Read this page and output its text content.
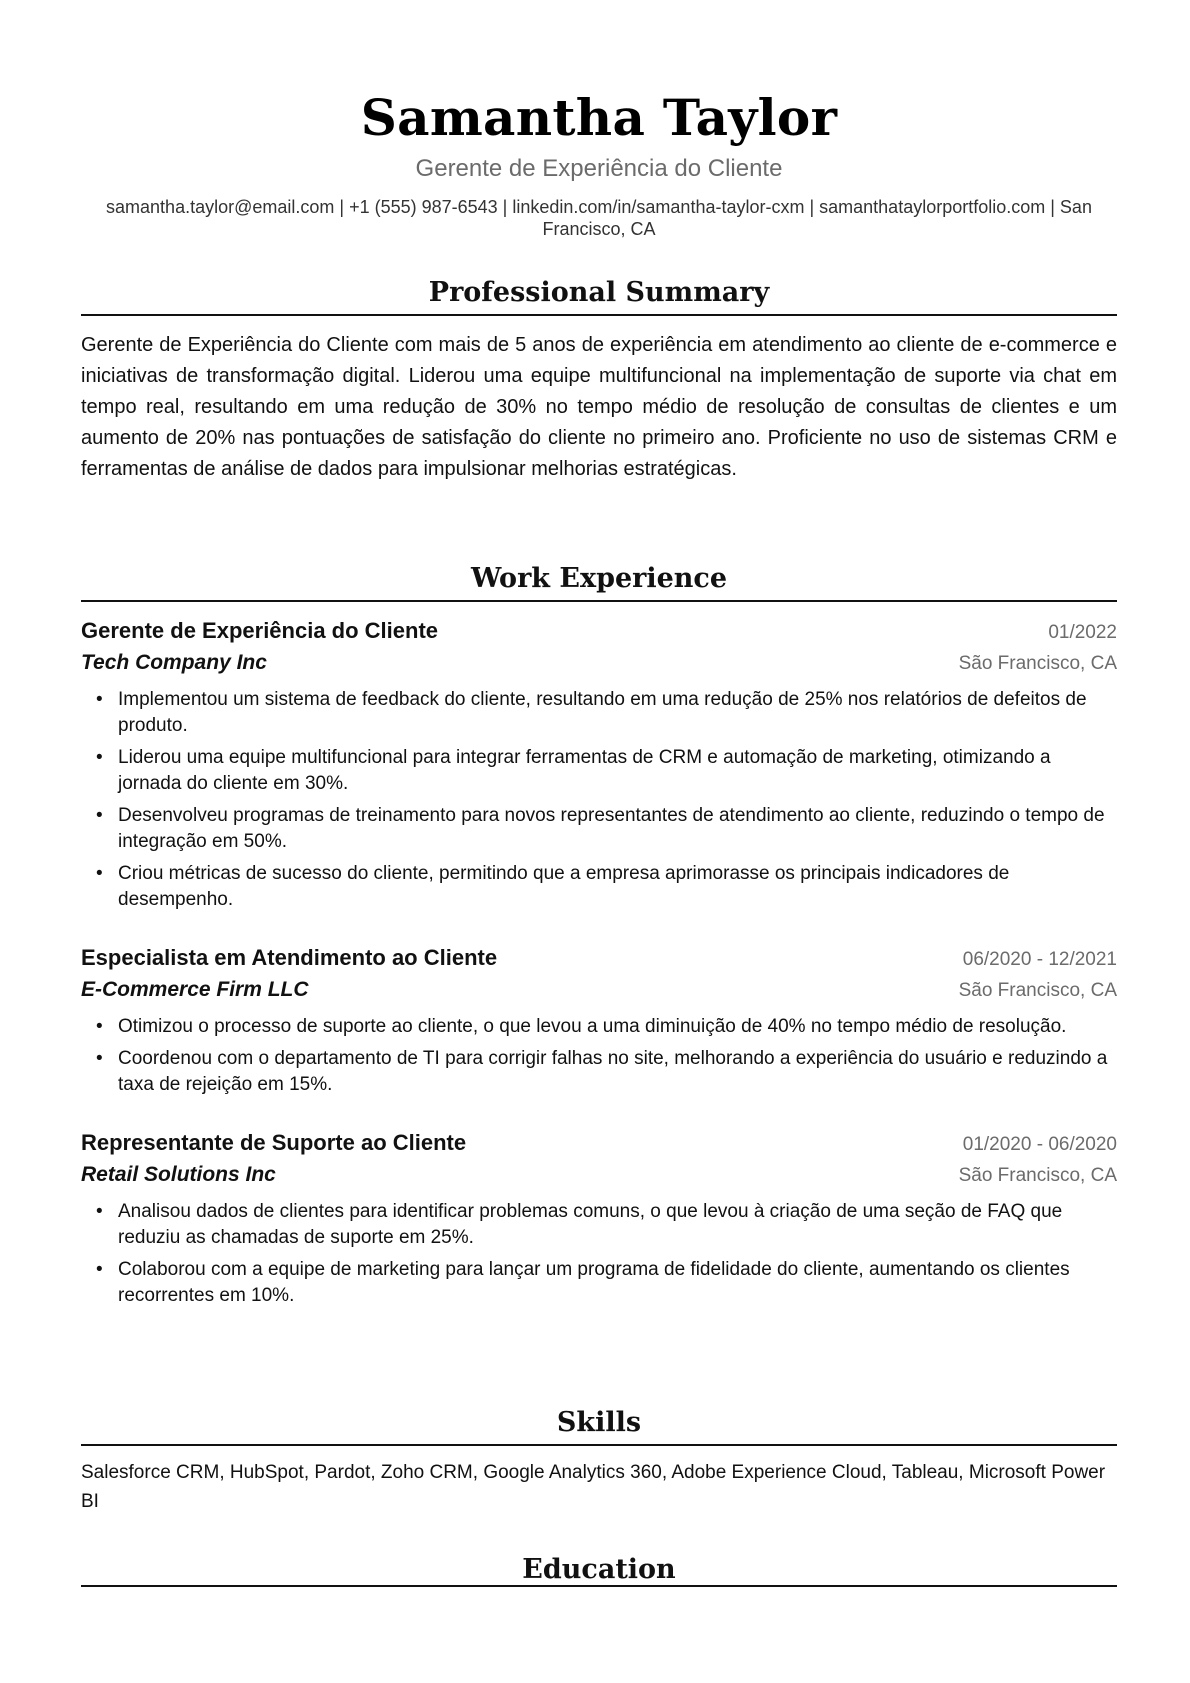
Samantha Taylor
Gerente de Experiência do Cliente
samantha.taylor@email.com | +1 (555) 987-6543 | linkedin.com/in/samantha-taylor-cxm | samanthataylorportfolio.com | San Francisco, CA
Professional Summary

Gerente de Experiência do Cliente com mais de 5 anos de experiência em atendimento ao cliente de e-commerce e iniciativas de transformação digital. Liderou uma equipe multifuncional na implementação de suporte via chat em tempo real, resultando em uma redução de 30% no tempo médio de resolução de consultas de clientes e um aumento de 20% nas pontuações de satisfação do cliente no primeiro ano. Proficiente no uso de sistemas CRM e ferramentas de análise de dados para impulsionar melhorias estratégicas.

Work Experience
Gerente de Experiência do Cliente	01/2022
Tech Company Inc	São Francisco, CA
• Implementou um sistema de feedback do cliente, resultando em uma redução de 25% nos relatórios de defeitos de produto.
• Liderou uma equipe multifuncional para integrar ferramentas de CRM e automação de marketing, otimizando a jornada do cliente em 30%.
• Desenvolveu programas de treinamento para novos representantes de atendimento ao cliente, reduzindo o tempo de integração em 50%.
• Criou métricas de sucesso do cliente, permitindo que a empresa aprimorasse os principais indicadores de desempenho.
Especialista em Atendimento ao Cliente	06/2020 - 12/2021
E-Commerce Firm LLC	São Francisco, CA
• Otimizou o processo de suporte ao cliente, o que levou a uma diminuição de 40% no tempo médio de resolução.
• Coordenou com o departamento de TI para corrigir falhas no site, melhorando a experiência do usuário e reduzindo a taxa de rejeição em 15%.
Representante de Suporte ao Cliente	01/2020 - 06/2020
Retail Solutions Inc	São Francisco, CA
• Analisou dados de clientes para identificar problemas comuns, o que levou à criação de uma seção de FAQ que reduziu as chamadas de suporte em 25%.
• Colaborou com a equipe de marketing para lançar um programa de fidelidade do cliente, aumentando os clientes recorrentes em 10%.
Skills

Salesforce CRM, HubSpot, Pardot, Zoho CRM, Google Analytics 360, Adobe Experience Cloud, Tableau, Microsoft Power BI

Education
